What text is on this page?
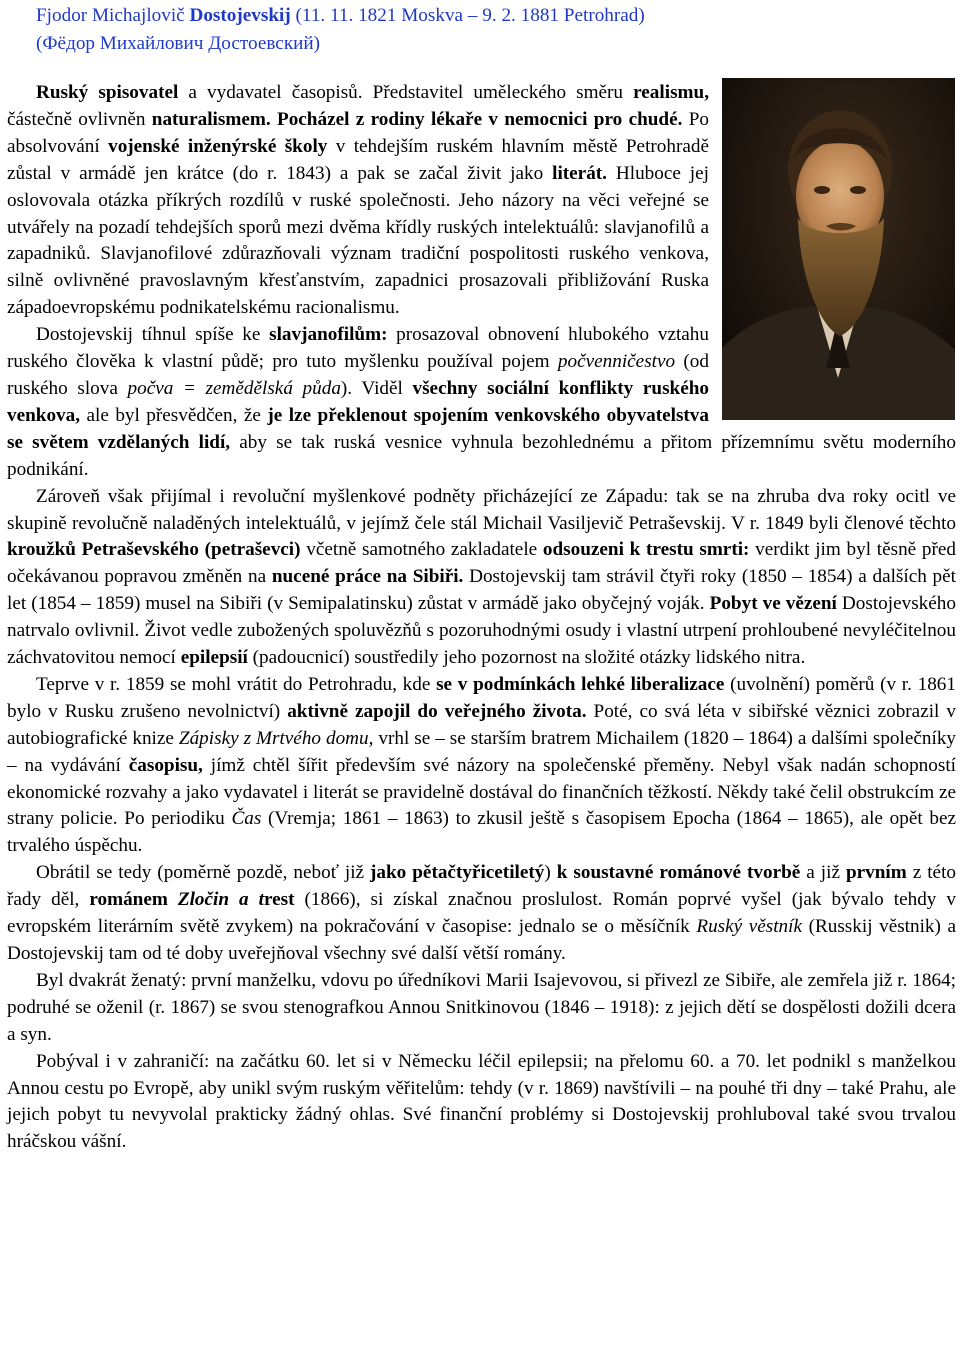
Fjodor Michajlovič Dostojevskij (11. 11. 1821 Moskva – 9. 2. 1881 Petrohrad)
(Фёдор Михайлович Достоевский)

Ruský spisovatel a vydavatel časopisů. Představitel uměleckého směru realismu, částečně ovlivněn naturalismem. Pocházel z rodiny lékaře v nemocnici pro chudé. Po absolvování vojenské inženýrské školy v tehdejším ruském hlavním městě Petrohradě zůstal v armádě jen krátce (do r. 1843) a pak se začal živit jako literát. Hluboce jej oslovovala otázka příkrých rozdílů v ruské společnosti. Jeho názory na věci veřejné se utvářely na pozadí tehdejších sporů mezi dvěma křídly ruských intelektuálů: slavjanofilů a zapadniků. Slavjanofilové zdůrazňovali význam tradiční pospolitosti ruského venkova, silně ovlivněné pravoslavným křesťanstvím, zapadnici prosazovali přibližování Ruska západoevropskému podnikatelskému racionalismu.

Dostojevskij tíhnul spíše ke slavjanofilům: prosazoval obnovení hlubokého vztahu ruského člověka k vlastní půdě; pro tuto myšlenku používal pojem počvenničestvo (od ruského slova počva = zemědělská půda). Viděl všechny sociální konflikty ruského venkova, ale byl přesvědčen, že je lze překlenout spojením venkovského obyvatelstva se světem vzdělaných lidí, aby se tak ruská vesnice vyhnula bezohlednému a přitom přízemnímu světu moderního podnikání.

Zároveň však přijímal i revoluční myšlenkové podněty přicházející ze Západu: tak se na zhruba dva roky ocitl ve skupině revolučně naladěných intelektuálů, v jejímž čele stál Michail Vasiljevič Petraševskij. V r. 1849 byli členové těchto kroužků Petraševského (petraševci) včetně samotného zakladatele odsouzeni k trestu smrti: verdikt jim byl těsně před očekávanou popravou změněn na nucené práce na Sibiři. Dostojevskij tam strávil čtyři roky (1850 – 1854) a dalších pět let (1854 – 1859) musel na Sibiři (v Semipalatinsku) zůstat v armádě jako obyčejný voják. Pobyt ve vězení Dostojevského natrvalo ovlivnil. Život vedle zubožených spoluvězňů s pozoruhodnými osudy i vlastní utrpení prohloubené nevyléčitelnou záchvatovitou nemocí epilepsií (padoucnicí) soustředily jeho pozornost na složité otázky lidského nitra.

Teprve v r. 1859 se mohl vrátit do Petrohradu, kde se v podmínkách lehké liberalizace (uvolnění) poměrů (v r. 1861 bylo v Rusku zrušeno nevolnictví) aktivně zapojil do veřejného života. Poté, co svá léta v sibiřské věznici zobrazil v autobiografické knize Zápisky z Mrtvého domu, vrhl se – se starším bratrem Michailem (1820 – 1864) a dalšími společníky – na vydávání časopisu, jímž chtěl šířit především své názory na společenské přeměny. Nebyl však nadán schopností ekonomické rozvahy a jako vydavatel i literát se pravidelně dostával do finančních těžkostí. Někdy také čelil obstrukcím ze strany policie. Po periodiku Čas (Vremja; 1861 – 1863) to zkusil ještě s časopisem Epocha (1864 – 1865), ale opět bez trvalého úspěchu.

Obrátil se tedy (poměrně pozdě, neboť již jako pětačtyřicetiletý) k soustavné románové tvorbě a již prvním z této řady děl, románem Zločin a trest (1866), si získal značnou proslulost. Román poprvé vyšel (jak bývalo tehdy v evropském literárním světě zvykem) na pokračování v časopise: jednalo se o měsíčník Ruský věstník (Russkij věstnik) a Dostojevskij tam od té doby uveřejňoval všechny své další větší romány.

Byl dvakrát ženatý: první manželku, vdovu po úředníkovi Marii Isajevovou, si přivezl ze Sibiře, ale zemřela již r. 1864; podruhé se oženil (r. 1867) se svou stenografkou Annou Snitkinovou (1846 – 1918): z jejich dětí se dospělosti dožili dcera a syn.

Pobýval i v zahraničí: na začátku 60. let si v Německu léčil epilepsii; na přelomu 60. a 70. let podnikl s manželkou Annou cestu po Evropě, aby unikl svým ruským věřitelům: tehdy (v r. 1869) navštívili – na pouhé tři dny – také Prahu, ale jejich pobyt tu nevyvolal prakticky žádný ohlas. Své finanční problémy si Dostojevskij prohluboval také svou trvalou hráčskou vášní.
